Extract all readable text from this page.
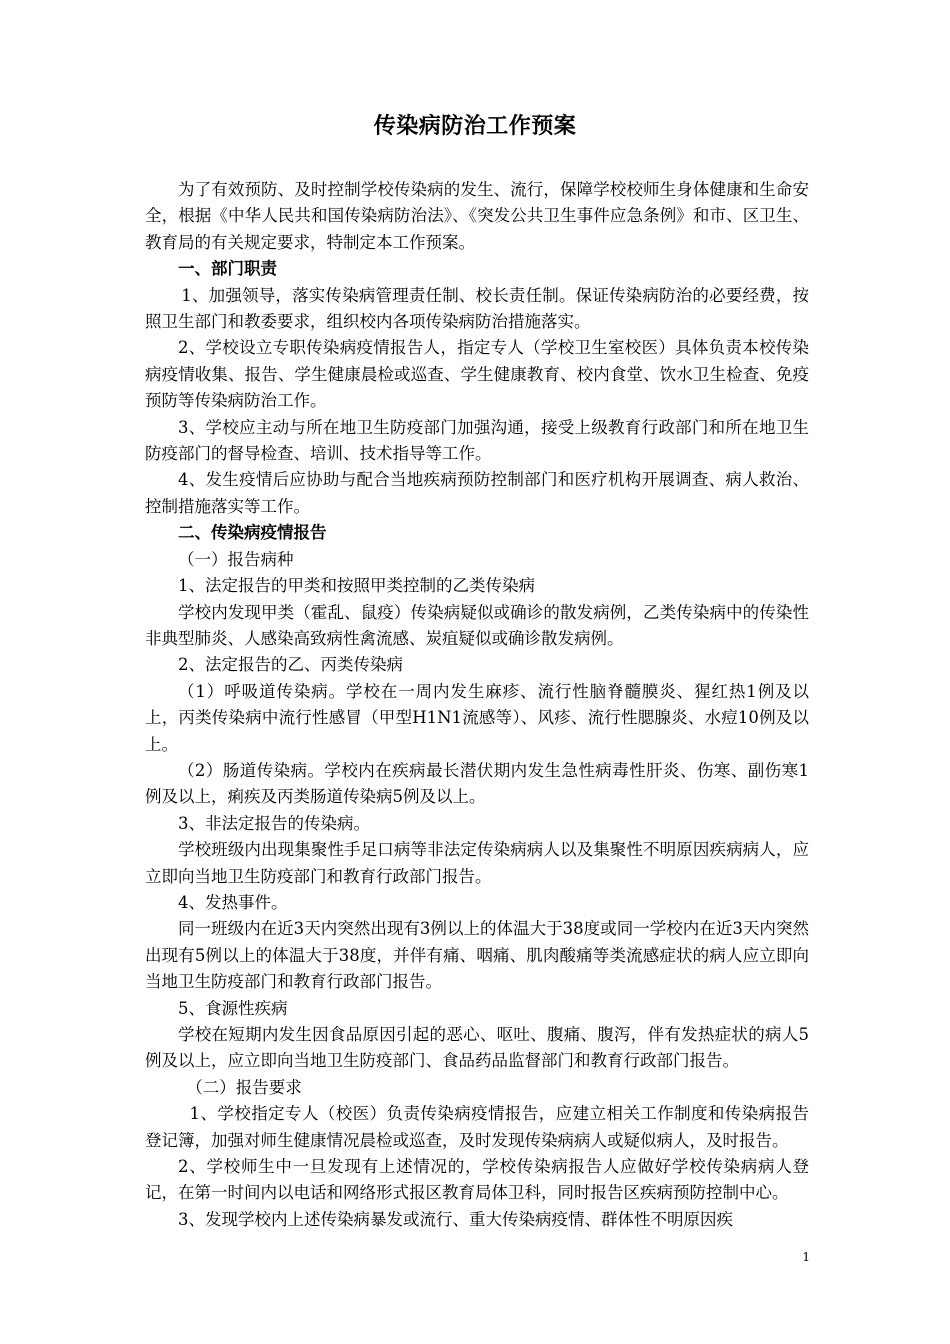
传染病防治工作预案

为了有效预防、及时控制学校传染病的发生、流行，保障学校校师生身体健康和生命安全，根据《中华人民共和国传染病防治法》、《突发公共卫生事件应急条例》和市、区卫生、教育局的有关规定要求，特制定本工作预案。

一、部门职责

1、加强领导，落实传染病管理责任制、校长责任制。保证传染病防治的必要经费，按照卫生部门和教委要求，组织校内各项传染病防治措施落实。

2、学校设立专职传染病疫情报告人，指定专人（学校卫生室校医）具体负责本校传染病疫情收集、报告、学生健康晨检或巡查、学生健康教育、校内食堂、饮水卫生检查、免疫预防等传染病防治工作。

3、学校应主动与所在地卫生防疫部门加强沟通，接受上级教育行政部门和所在地卫生防疫部门的督导检查、培训、技术指导等工作。

4、发生疫情后应协助与配合当地疾病预防控制部门和医疗机构开展调查、病人救治、控制措施落实等工作。

二、传染病疫情报告

（一）报告病种

1、法定报告的甲类和按照甲类控制的乙类传染病

学校内发现甲类（霍乱、鼠疫）传染病疑似或确诊的散发病例，乙类传染病中的传染性非典型肺炎、人感染高致病性禽流感、炭疽疑似或确诊散发病例。

2、法定报告的乙、丙类传染病

（1）呼吸道传染病。学校在一周内发生麻疹、流行性脑脊髓膜炎、猩红热1例及以上，丙类传染病中流行性感冒（甲型H1N1流感等）、风疹、流行性腮腺炎、水痘10例及以上。

（2）肠道传染病。学校内在疾病最长潜伏期内发生急性病毒性肝炎、伤寒、副伤寒1例及以上，痢疾及丙类肠道传染病5例及以上。

3、非法定报告的传染病。

学校班级内出现集聚性手足口病等非法定传染病病人以及集聚性不明原因疾病病人，应立即向当地卫生防疫部门和教育行政部门报告。

4、发热事件。

同一班级内在近3天内突然出现有3例以上的体温大于38度或同一学校内在近3天内突然出现有5例以上的体温大于38度，并伴有痛、咽痛、肌肉酸痛等类流感症状的病人应立即向当地卫生防疫部门和教育行政部门报告。

5、食源性疾病

学校在短期内发生因食品原因引起的恶心、呕吐、腹痛、腹泻，伴有发热症状的病人5例及以上，应立即向当地卫生防疫部门、食品药品监督部门和教育行政部门报告。

（二）报告要求

1、学校指定专人（校医）负责传染病疫情报告，应建立相关工作制度和传染病报告登记簿，加强对师生健康情况晨检或巡查，及时发现传染病病人或疑似病人，及时报告。

2、学校师生中一旦发现有上述情况的，学校传染病报告人应做好学校传染病病人登记，在第一时间内以电话和网络形式报区教育局体卫科，同时报告区疾病预防控制中心。

3、发现学校内上述传染病暴发或流行、重大传染病疫情、群体性不明原因疾

1
